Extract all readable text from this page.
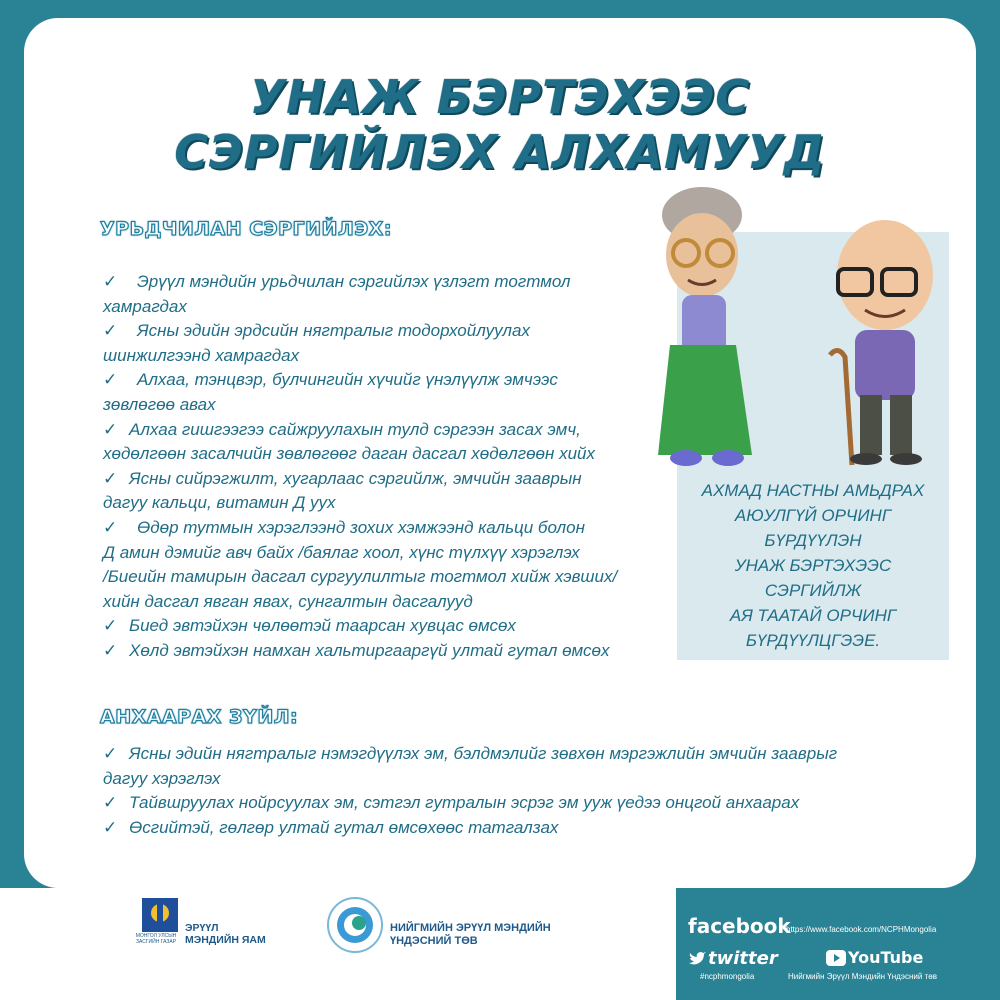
УНАЖ БЭРТЭХЭЭС
СЭРГИЙЛЭХ АЛХАМУУД
АХМАД НАСТНЫ АМЬДРАХ
АЮУЛГҮЙ ОРЧИНГ БҮРДҮҮЛЭН
УНАЖ БЭРТЭХЭЭС СЭРГИЙЛЖ
АЯ ТААТАЙ ОРЧИНГ
БҮРДҮҮЛЦГЭЭЕ.
УРЬДЧИЛАН СЭРГИЙЛЭХ:
✓ Эрүүл мэндийн урьдчилан сэргийлэх үзлэгт тогтмол
хамрагдах
✓ Ясны эдийн эрдсийн нягтралыг тодорхойлуулах
шинжилгээнд хамрагдах
✓ Алхаа, тэнцвэр, булчингийн хүчийг үнэлүүлж эмчээс
зөвлөгөө авах
✓ Алхаа гишгээгээ сайжруулахын тулд сэргээн засах эмч,
хөдөлгөөн засалчийн зөвлөгөөг даган дасгал хөдөлгөөн хийх
✓ Ясны сийрэгжилт, хугарлаас сэргийлж, эмчийн зааврын
дагуу кальци, витамин Д уух
✓ Өдөр тутмын хэрэглээнд зохих хэмжээнд кальци болон
Д амин дэмийг авч байх /баялаг хоол, хүнс түлхүү хэрэглэх
/Биеийн тамирын дасгал сургуулилтыг тогтмол хийж хэвших/
хийн дасгал явган явах, сунгалтын дасгалууд
✓ Биед эвтэйхэн чөлөөтэй таарсан хувцас өмсөх
✓ Хөлд эвтэйхэн намхан хальтиргааргүй ултай гутал өмсөх
АНХААРАХ ЗҮЙЛ:
✓ Ясны эдийн нягтралыг нэмэгдүүлэх эм, бэлдмэлийг зөвхөн мэргэжлийн эмчийн зааврыг
дагуу хэрэглэх
✓ Тайвшруулах нойрсуулах эм, сэтгэл гутралын эсрэг эм ууж үедээ онцгой анхаарах
✓ Өсгийтэй, гөлгөр ултай гутал өмсөхөөс татгалзах
МОНГОЛ УЛСЫН
ЗАСГИЙН ГАЗАР
ЭРҮҮЛ
МЭНДИЙН ЯАМ
НИЙГМИЙН ЭРҮҮЛ МЭНДИЙН
ҮНДЭСНИЙ ТӨВ
facebook
https://www.facebook.com/NCPHMongolia
twitter
#ncphmongolia
YouTube
Нийгмийн Эрүүл Мэндийн Үндэсний төв
